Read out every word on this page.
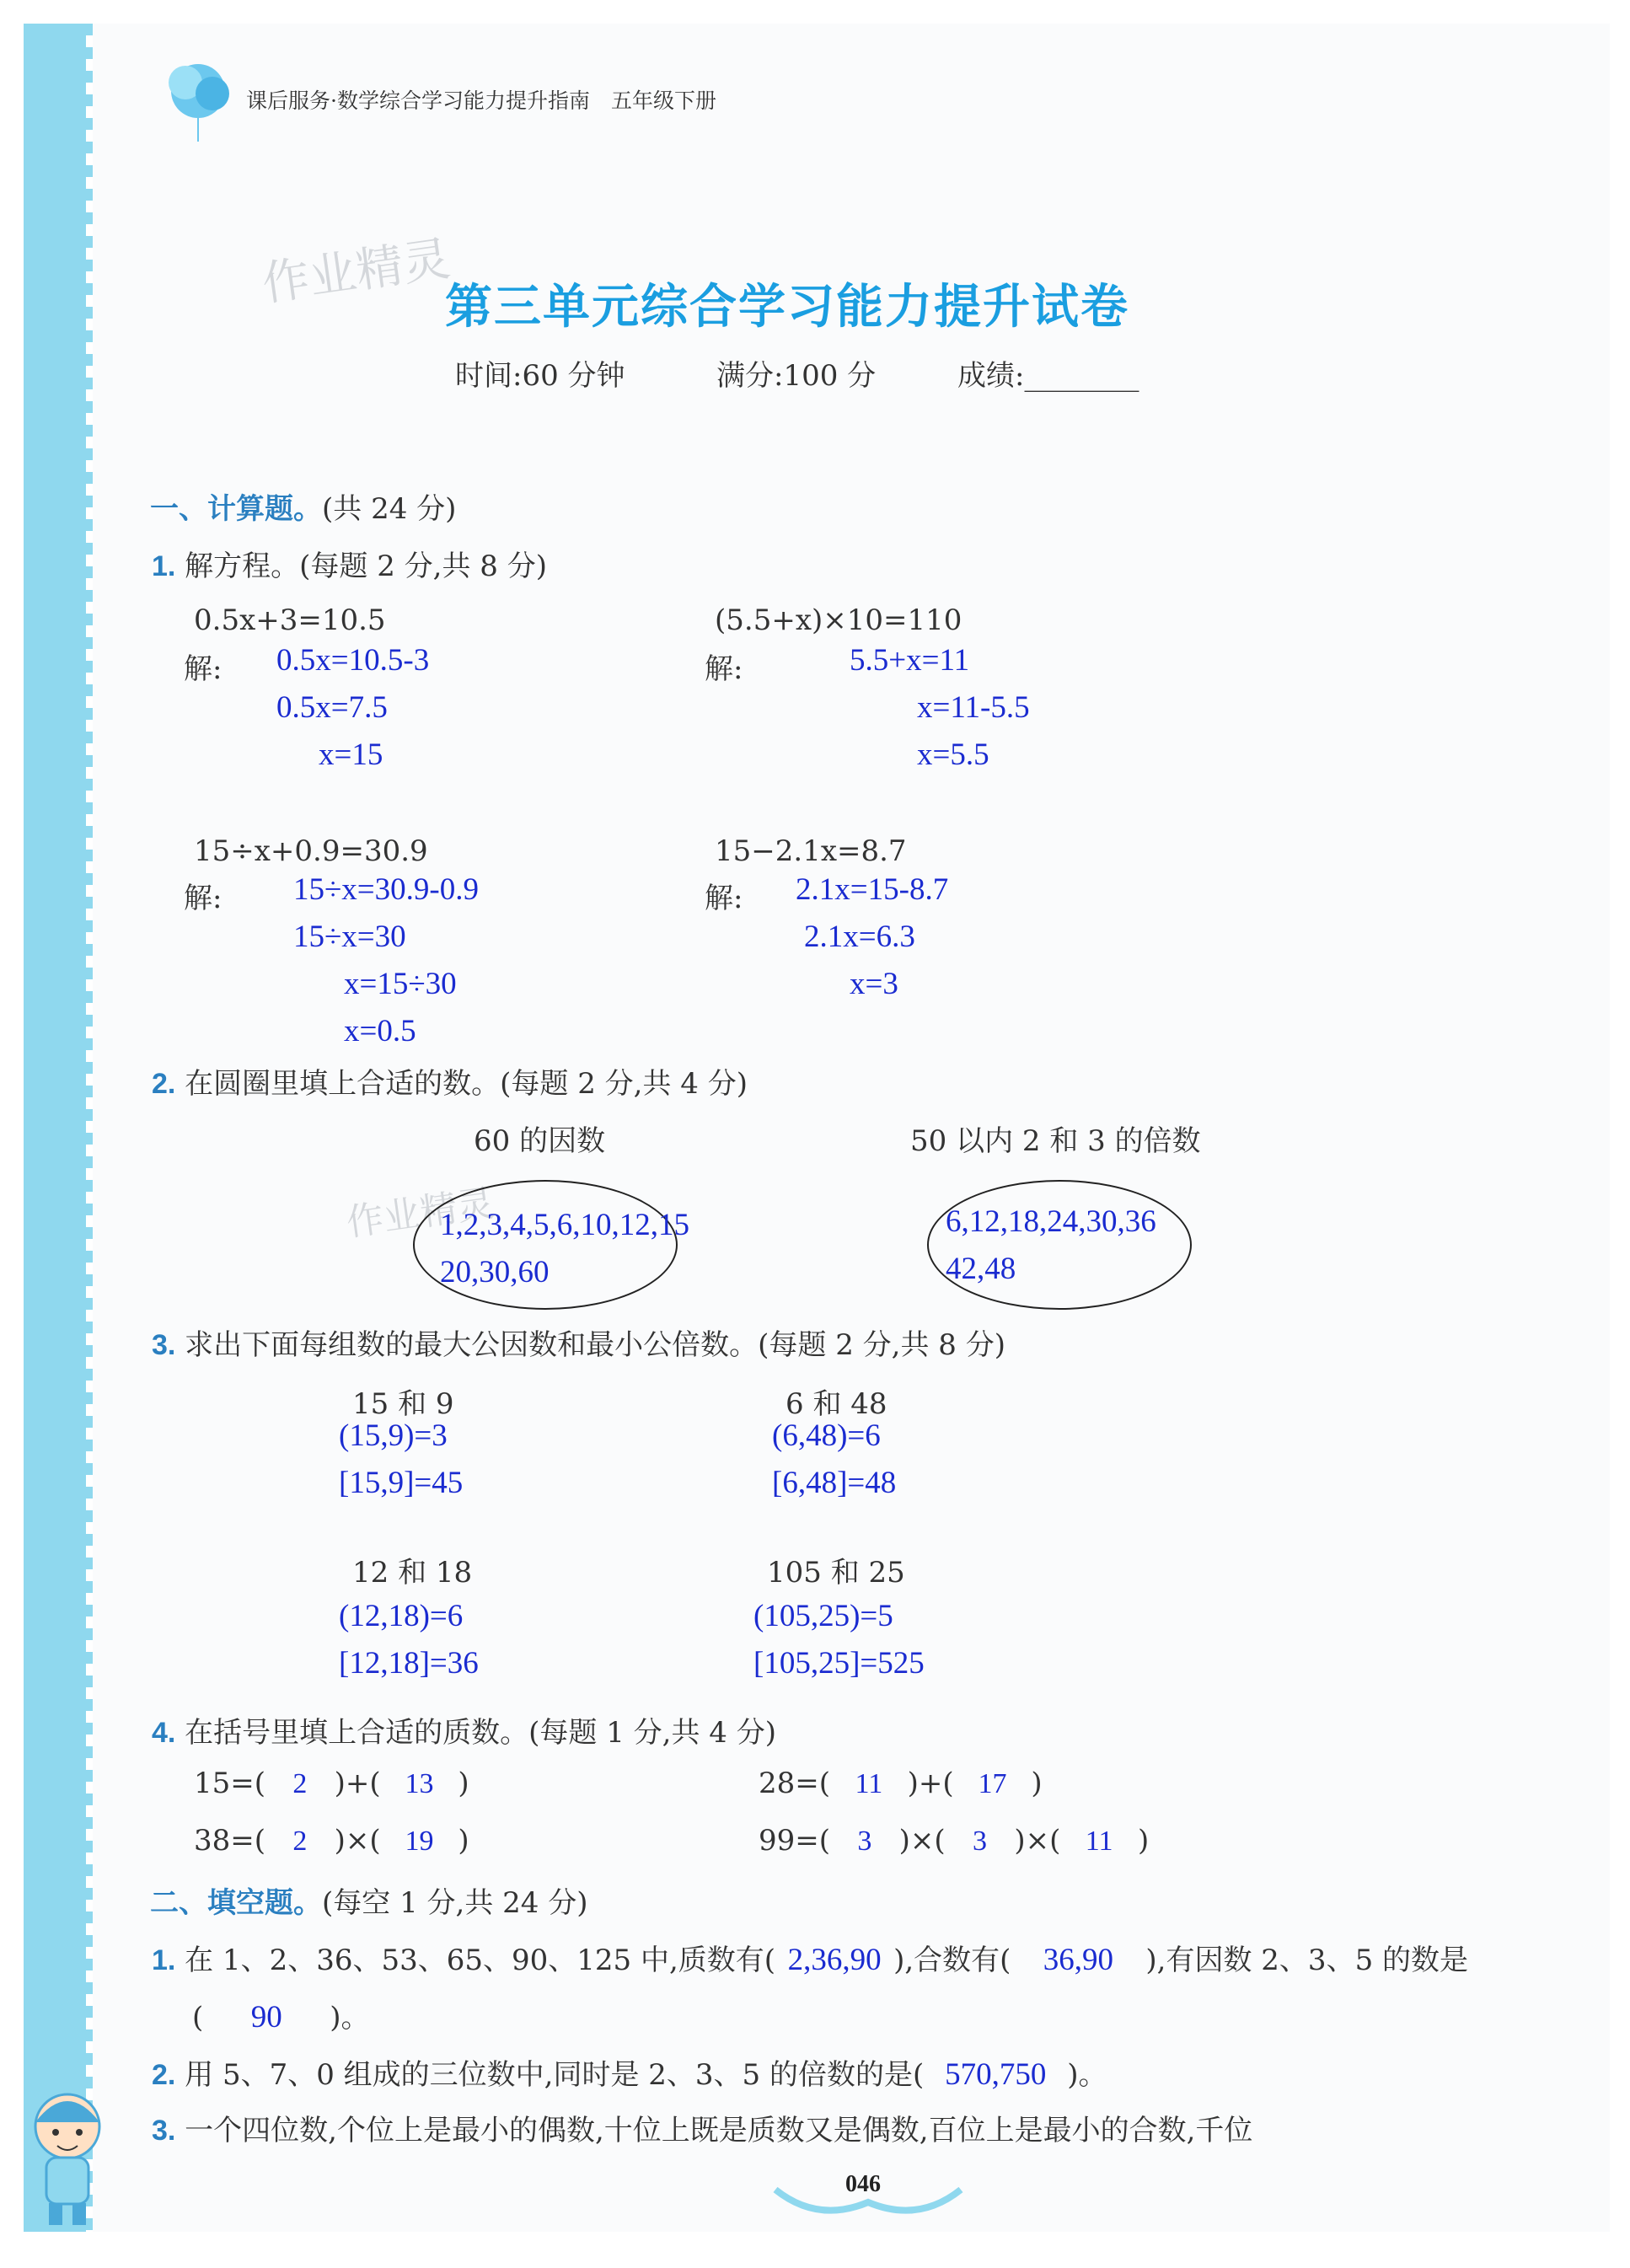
课后服务·数学综合学习能力提升指南　五年级下册
作业精灵
第三单元综合学习能力提升试卷
时间:60 分钟	满分:100 分	成绩:________
一、计算题。(共 24 分)
1. 解方程。(每题 2 分,共 8 分)
0.5x+3=10.5	(5.5+x)×10=110
解:	解:
0.5x=10.5-3
0.5x=7.5
x=15
5.5+x=11
x=11-5.5
x=5.5
15÷x+0.9=30.9	15−2.1x=8.7
解:	解:
15÷x=30.9-0.9
15÷x=30
x=15÷30
x=0.5
2.1x=15-8.7
2.1x=6.3
x=3
2. 在圆圈里填上合适的数。(每题 2 分,共 4 分)
60 的因数	50 以内 2 和 3 的倍数
作业精灵
1,2,3,4,5,6,10,12,15
20,30,60
6,12,18,24,30,36
42,48
3. 求出下面每组数的最大公因数和最小公倍数。(每题 2 分,共 8 分)
15 和 9	6 和 48
(15,9)=3
[15,9]=45
(6,48)=6
[6,48]=48
12 和 18	105 和 25
(12,18)=6
[12,18]=36
(105,25)=5
[105,25]=525
4. 在括号里填上合适的质数。(每题 1 分,共 4 分)
15=( 2 )+( 13 )	28=( 11 )+( 17 )
38=( 2 )×( 19 )	99=( 3 )×( 3 )×( 11 )
二、填空题。(每空 1 分,共 24 分)
1. 在 1、2、36、53、65、90、125 中,质数有( 2,36,90 ),合数有( 36,90 ),有因数 2、3、5 的数是
( 90 )。
2. 用 5、7、0 组成的三位数中,同时是 2、3、5 的倍数的是( 570,750 )。
3. 一个四位数,个位上是最小的偶数,十位上既是质数又是偶数,百位上是最小的合数,千位
046
